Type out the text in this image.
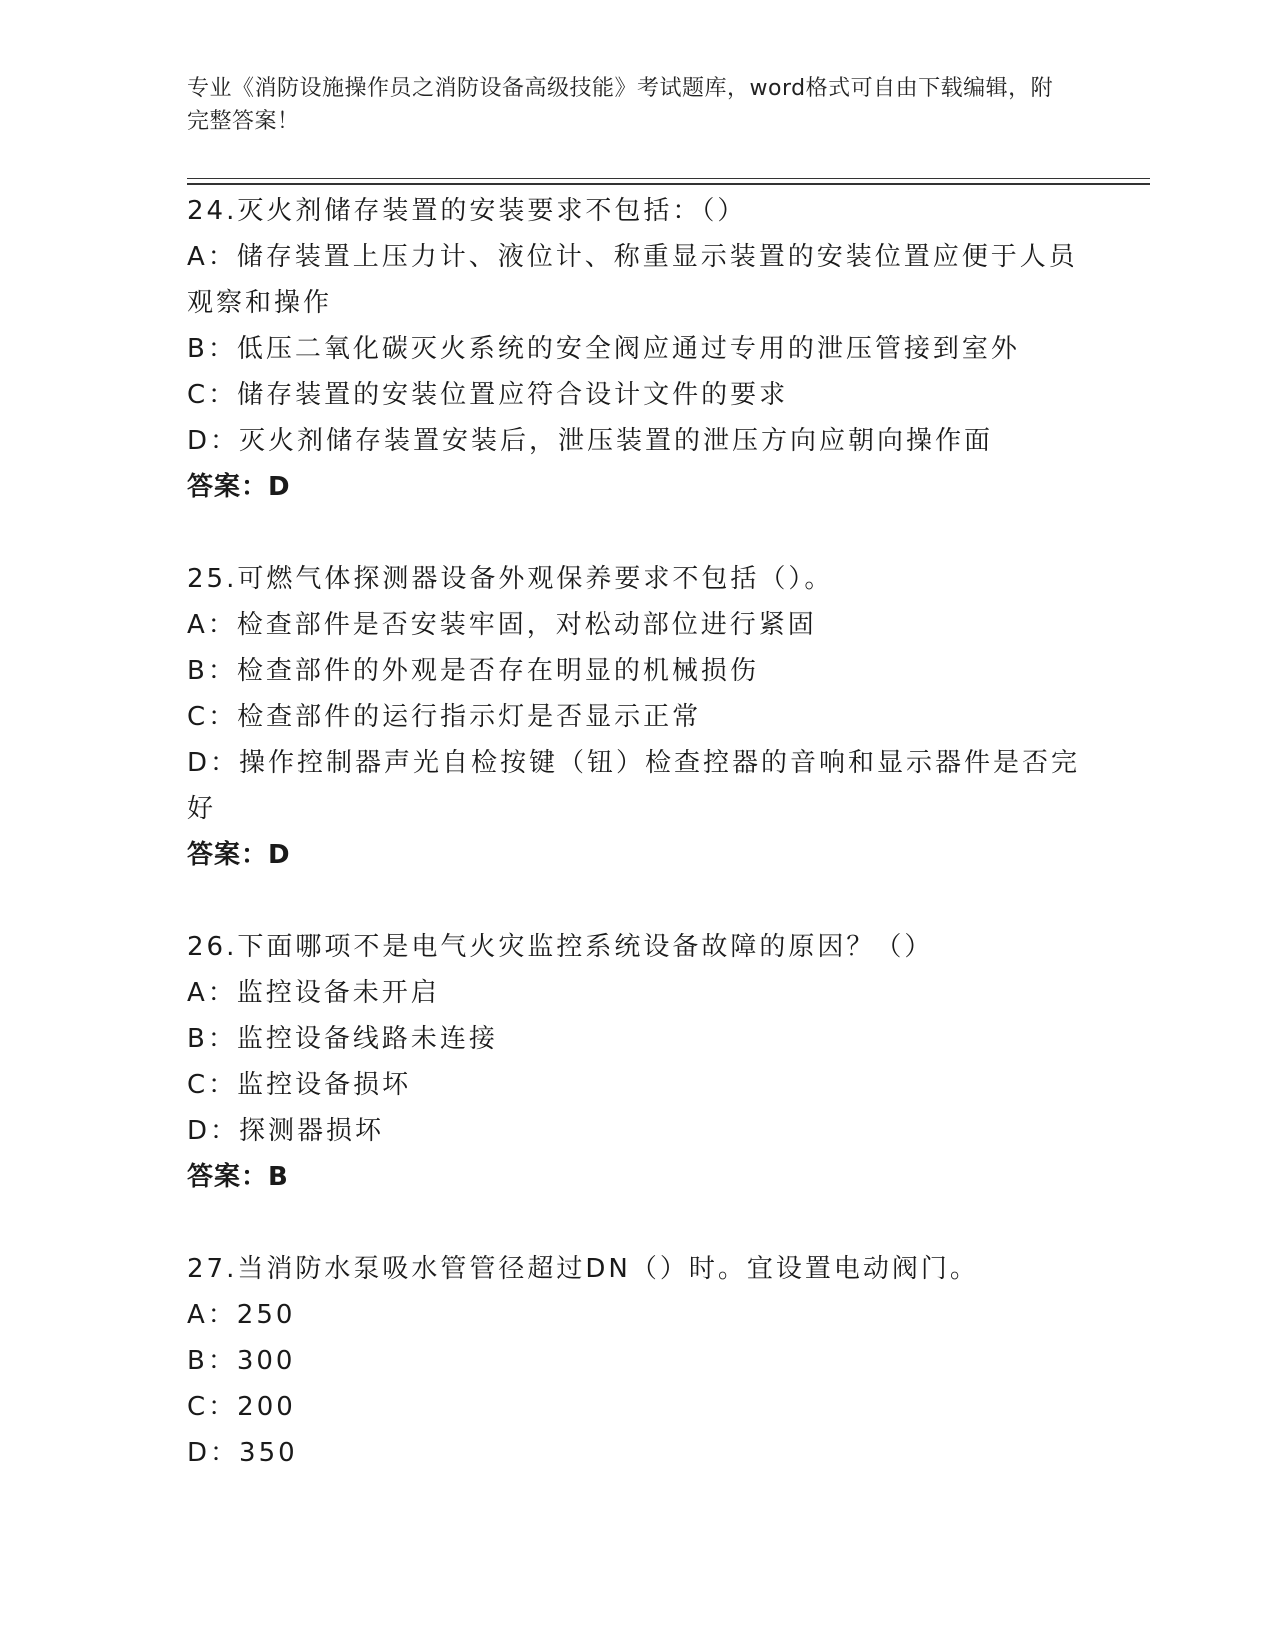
专业《消防设施操作员之消防设备高级技能》考试题库，word格式可自由下载编辑，附完整答案！
24.灭火剂储存装置的安装要求不包括：（）
A：储存装置上压力计、液位计、称重显示装置的安装位置应便于人员观察和操作
B：低压二氧化碳灭火系统的安全阀应通过专用的泄压管接到室外
C：储存装置的安装位置应符合设计文件的要求
D：灭火剂储存装置安装后，泄压装置的泄压方向应朝向操作面
答案：D
25.可燃气体探测器设备外观保养要求不包括（）。
A：检查部件是否安装牢固，对松动部位进行紧固
B：检查部件的外观是否存在明显的机械损伤
C：检查部件的运行指示灯是否显示正常
D：操作控制器声光自检按键（钮）检查控器的音响和显示器件是否完好
答案：D
26.下面哪项不是电气火灾监控系统设备故障的原因？（）
A：监控设备未开启
B：监控设备线路未连接
C：监控设备损坏
D：探测器损坏
答案：B
27.当消防水泵吸水管管径超过DN（）时。宜设置电动阀门。
A：250
B：300
C：200
D：350
